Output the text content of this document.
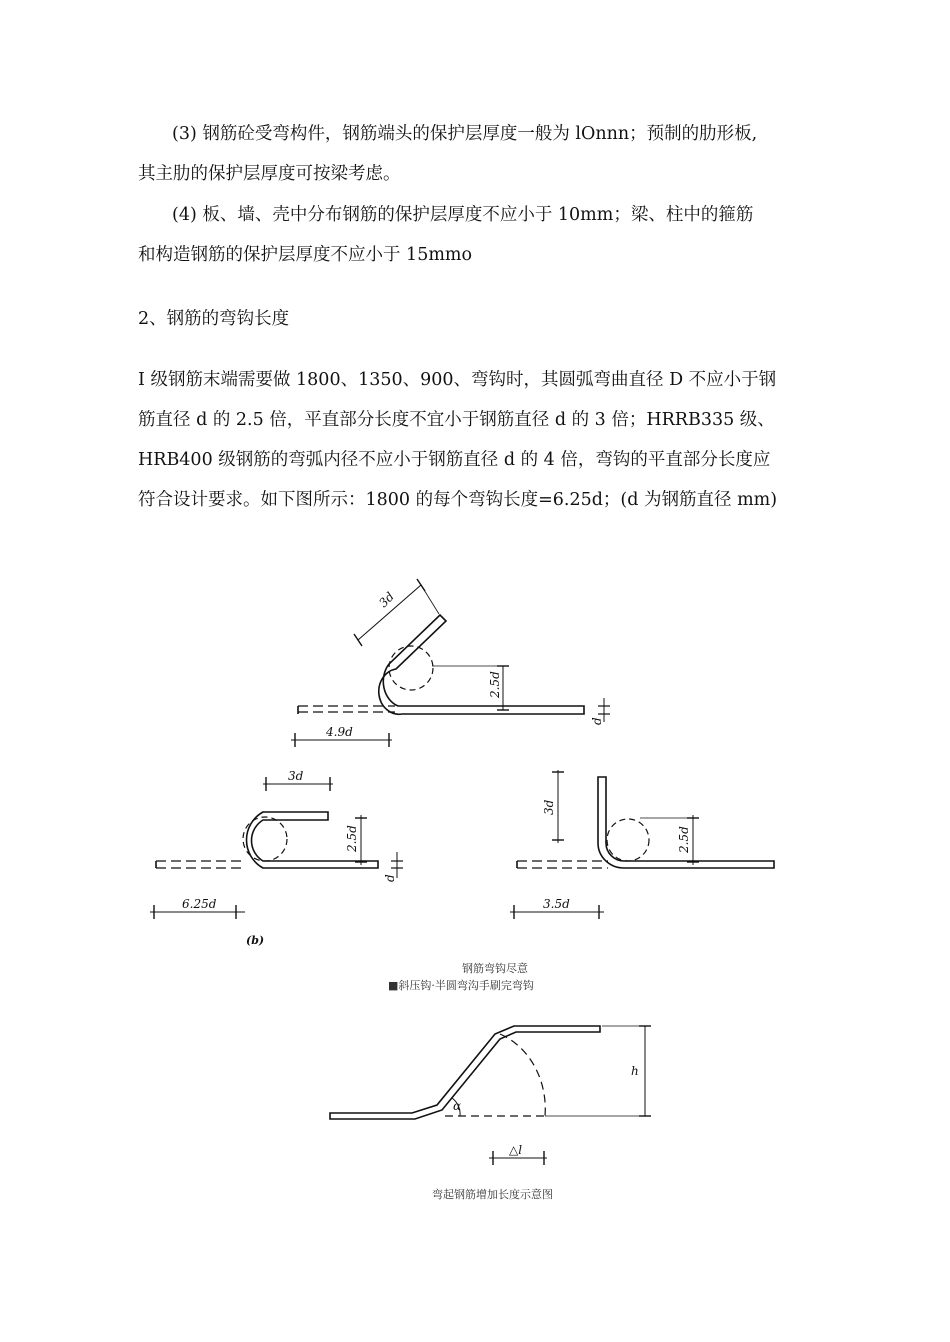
(3) 钢筋砼受弯构件，钢筋端头的保护层厚度一般为 lOnnn；预制的肋形板,
其主肋的保护层厚度可按梁考虑。

(4) 板、墙、壳中分布钢筋的保护层厚度不应小于 10mm；梁、柱中的箍筋
和构造钢筋的保护层厚度不应小于 15mmo

2、钢筋的弯钩长度

I 级钢筋末端需要做 1800、1350、900、弯钩时，其圆弧弯曲直径 D 不应小于钢
筋直径 d 的 2.5 倍，平直部分长度不宜小于钢筋直径 d 的 3 倍；HRRB335 级、
HRB400 级钢筋的弯弧内径不应小于钢筋直径 d 的 4 倍，弯钩的平直部分长度应
符合设计要求。如下图所示：1800 的每个弯钩长度=6.25d；(d 为钢筋直径 mm)

3d
2.5d
d
4.9d
3d
2.5d
d
6.25d
(b)
3d
2.5d
3.5d
钢筋弯钩尽意
■斜压钩·半圆弯沟手刷完弯钩
h
α
△l
弯起钢筋增加长度示意图
